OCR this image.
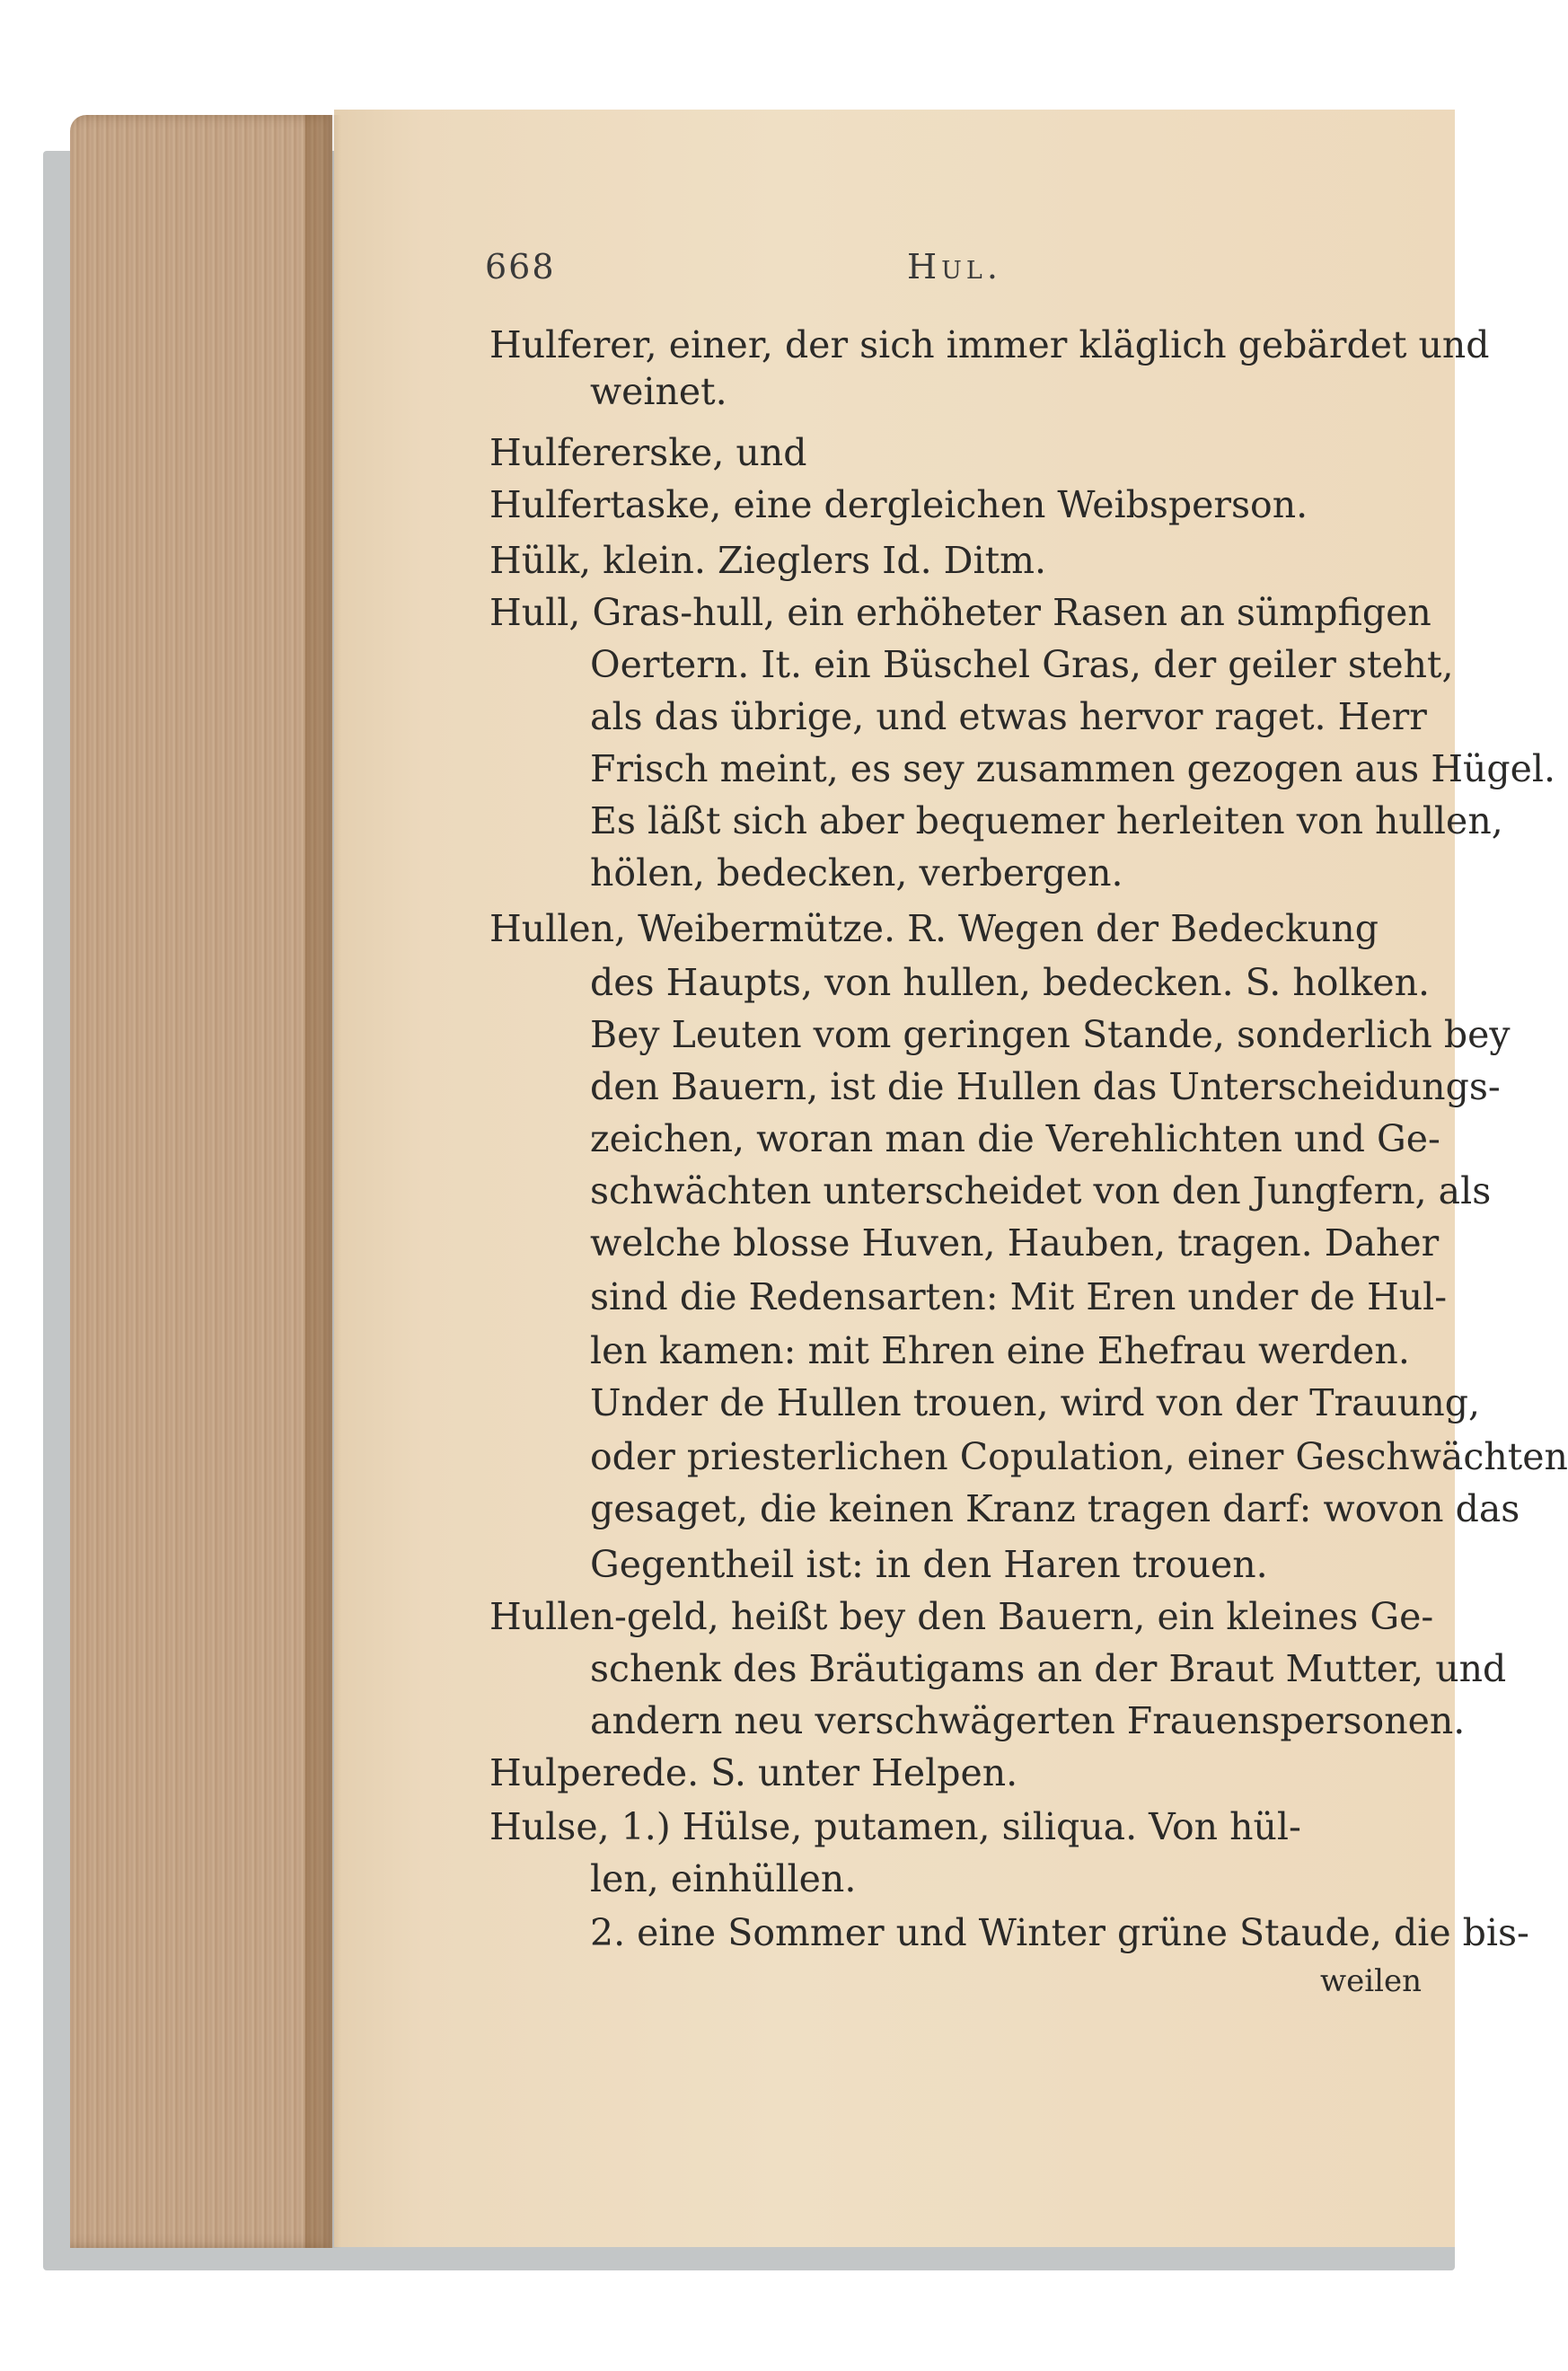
668	Hul.
Hulferer, einer, der sich immer kläglich gebärdet und
weinet.
Hulfererske, und
Hulfertaske, eine dergleichen Weibsperson.
Hülk, klein. Zieglers Id. Ditm.
Hull, Gras-hull, ein erhöheter Rasen an sümpfigen
Oertern. It. ein Büschel Gras, der geiler steht,
als das übrige, und etwas hervor raget. Herr
Frisch meint, es sey zusammen gezogen aus Hügel.
Es läßt sich aber bequemer herleiten von hullen,
hölen, bedecken, verbergen.
Hullen, Weibermütze. R. Wegen der Bedeckung
des Haupts, von hullen, bedecken. S. holken.
Bey Leuten vom geringen Stande, sonderlich bey
den Bauern, ist die Hullen das Unterscheidungs-
zeichen, woran man die Verehlichten und Ge-
schwächten unterscheidet von den Jungfern, als
welche blosse Huven, Hauben, tragen. Daher
sind die Redensarten: Mit Eren under de Hul-
len kamen: mit Ehren eine Ehefrau werden.
Under de Hullen trouen, wird von der Trauung,
oder priesterlichen Copulation, einer Geschwächten
gesaget, die keinen Kranz tragen darf: wovon das
Gegentheil ist: in den Haren trouen.
Hullen-geld, heißt bey den Bauern, ein kleines Ge-
schenk des Bräutigams an der Braut Mutter, und
andern neu verschwägerten Frauenspersonen.
Hulperede. S. unter Helpen.
Hulse, 1.) Hülse, putamen, siliqua. Von hül-
len, einhüllen.
2. eine Sommer und Winter grüne Staude, die bis-
weilen
